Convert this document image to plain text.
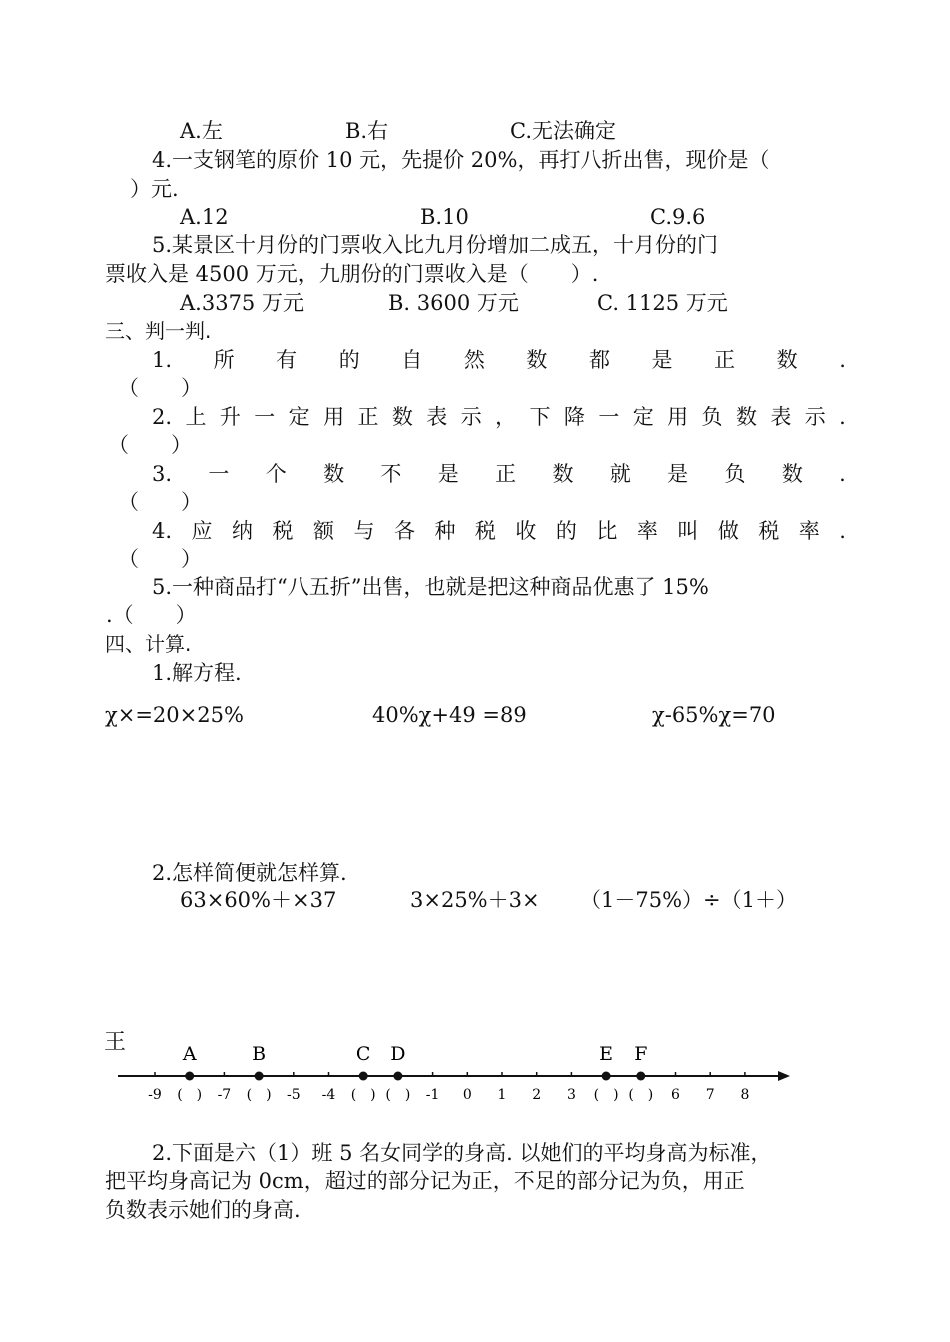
A.左	B.右	C.无法确定
4.一支钢笔的原价 10 元，先提价 20%，再打八折出售，现价是（
）元.
A.12	B.10	C.9.6
5.某景区十月份的门票收入比九月份增加二成五，十月份的门
票收入是 4500 万元，九朋份的门票收入是（　　）.
A.3375 万元	B. 3600 万元	C. 1125 万元
三、判一判.
1. 所 有 的 自 然 数 都 是 正 数 .
（　　）
2. 上 升 一 定 用 正 数 表 示 ， 下 降 一 定 用 负 数 表 示 .
（　　）
3. 一 个 数 不 是 正 数 就 是 负 数 .
（　　）
4. 应 纳 税 额 与 各 种 税 收 的 比 率 叫 做 税 率 .
（　　）
5.一种商品打“八五折”出售，也就是把这种商品优惠了 15%
.（　　）
四、计算.
1.解方程.
χ×=20×25%	40%χ+49 =89	χ-65%χ=70
2.怎样简便就怎样算.
63×60%＋×37	3×25%＋3× （1－75%）÷（1＋）
王
-9 (　) -7 (　) -5 -4 (　) (　) -1 0 1 2 3 (　) (　) 6 7 8
A	B	C D	E F
2.下面是六（1）班 5 名女同学的身高. 以她们的平均身高为标准，
把平均身高记为 0cm，超过的部分记为正，不足的部分记为负，用正
负数表示她们的身高.
